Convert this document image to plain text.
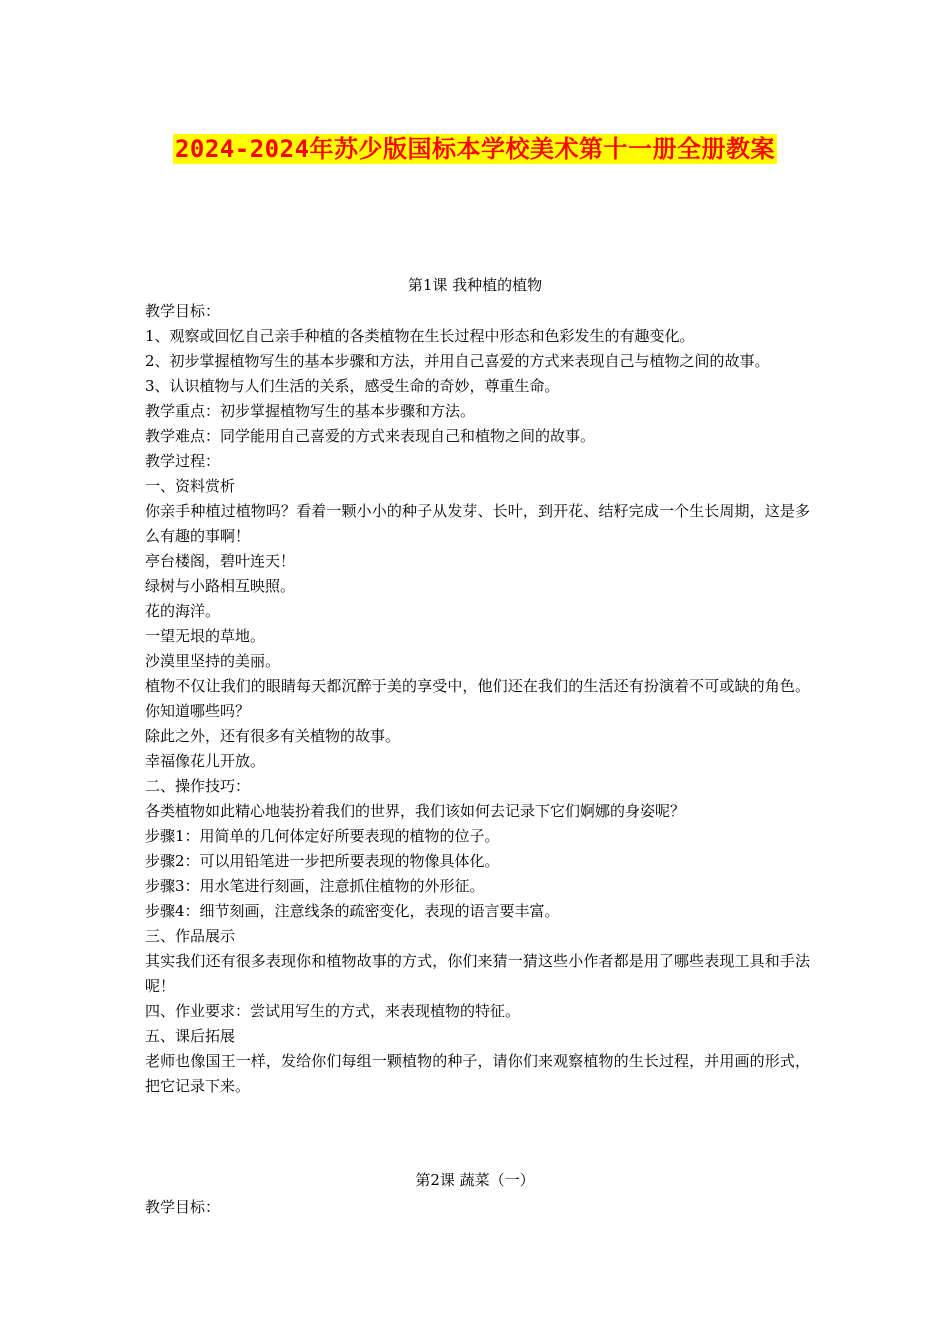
2024-2024年苏少版国标本学校美术第十一册全册教案
第1课 我种植的植物

教学目标：

1、观察或回忆自己亲手种植的各类植物在生长过程中形态和色彩发生的有趣变化。

2、初步掌握植物写生的基本步骤和方法，并用自己喜爱的方式来表现自己与植物之间的故事。

3、认识植物与人们生活的关系，感受生命的奇妙，尊重生命。

教学重点：初步掌握植物写生的基本步骤和方法。

教学难点：同学能用自己喜爱的方式来表现自己和植物之间的故事。

教学过程：

一、资料赏析

你亲手种植过植物吗？看着一颗小小的种子从发芽、长叶，到开花、结籽完成一个生长周期，这是多么有趣的事啊！

亭台楼阁，碧叶连天！

绿树与小路相互映照。

花的海洋。

一望无垠的草地。

沙漠里坚持的美丽。

植物不仅让我们的眼睛每天都沉醉于美的享受中，他们还在我们的生活还有扮演着不可或缺的角色。你知道哪些吗？

除此之外，还有很多有关植物的故事。

幸福像花儿开放。

二、操作技巧：

各类植物如此精心地装扮着我们的世界，我们该如何去记录下它们婀娜的身姿呢？

步骤1：用简单的几何体定好所要表现的植物的位子。

步骤2：可以用铅笔进一步把所要表现的物像具体化。

步骤3：用水笔进行刻画，注意抓住植物的外形征。

步骤4：细节刻画，注意线条的疏密变化，表现的语言要丰富。

三、作品展示

其实我们还有很多表现你和植物故事的方式，你们来猜一猜这些小作者都是用了哪些表现工具和手法呢！

四、作业要求：尝试用写生的方式，来表现植物的特征。

五、课后拓展

老师也像国王一样，发给你们每组一颗植物的种子，请你们来观察植物的生长过程，并用画的形式，把它记录下来。

第2课 蔬菜（一）

教学目标：
